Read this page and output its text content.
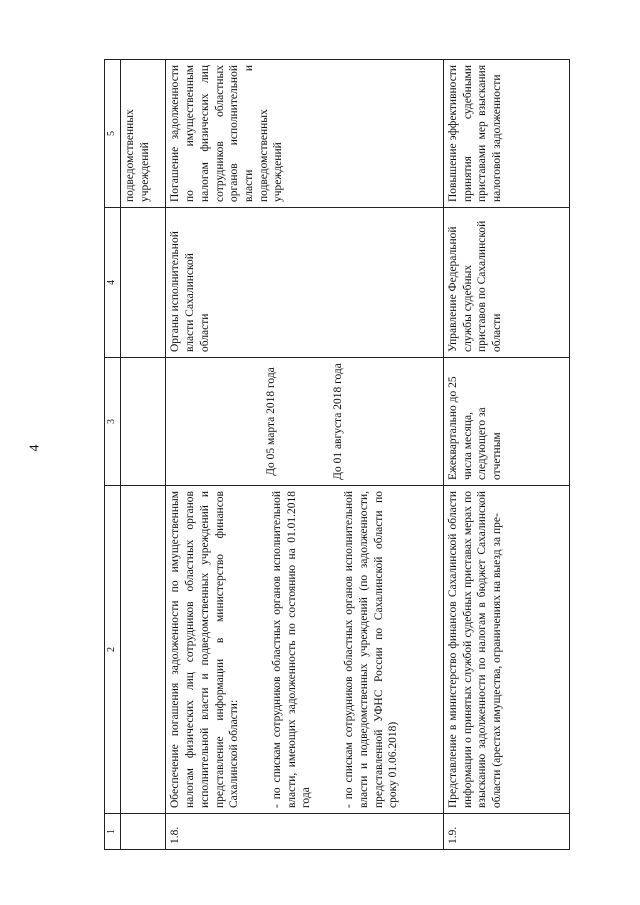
4
1	2	3	4	5
				подведомственных учреждений
1.8.	Обеспечение погашения задолженности по имущественным налогам физических лиц сотрудников областных органов исполнительной власти и подведомственных учреждений и представление информации в министерство финансов Сахалинской области: - по спискам сотрудников областных органов исполнительной власти, имеющих задолженность по состоянию на 01.01.2018 года - по спискам сотрудников областных органов исполнительной власти и подведомственных учреждений (по задолженности, представленной УФНС России по Сахалинской области по сроку 01.06.2018)	До 05 марта 2018 года До 01 августа 2018 года	Органы исполнительной власти Сахалинской области	Погашение задолженности по имущественным налогам физических лиц сотрудников областных органов исполнительной власти и подведомственных учреждений
1.9.	Представление в министерство финансов Сахалинской области информации о принятых службой судебных приставах мерах по взысканию задолженности по налогам в бюджет Сахалинской области (арестах имущества, ограничениях на выезд за пре-	Ежеквартально до 25 числа месяца, следующего за отчетным	Управление Федеральной службы судебных приставов по Сахалинской области	Повышение эффективности принятия судебными приставами мер взыскания налоговой задолженности
